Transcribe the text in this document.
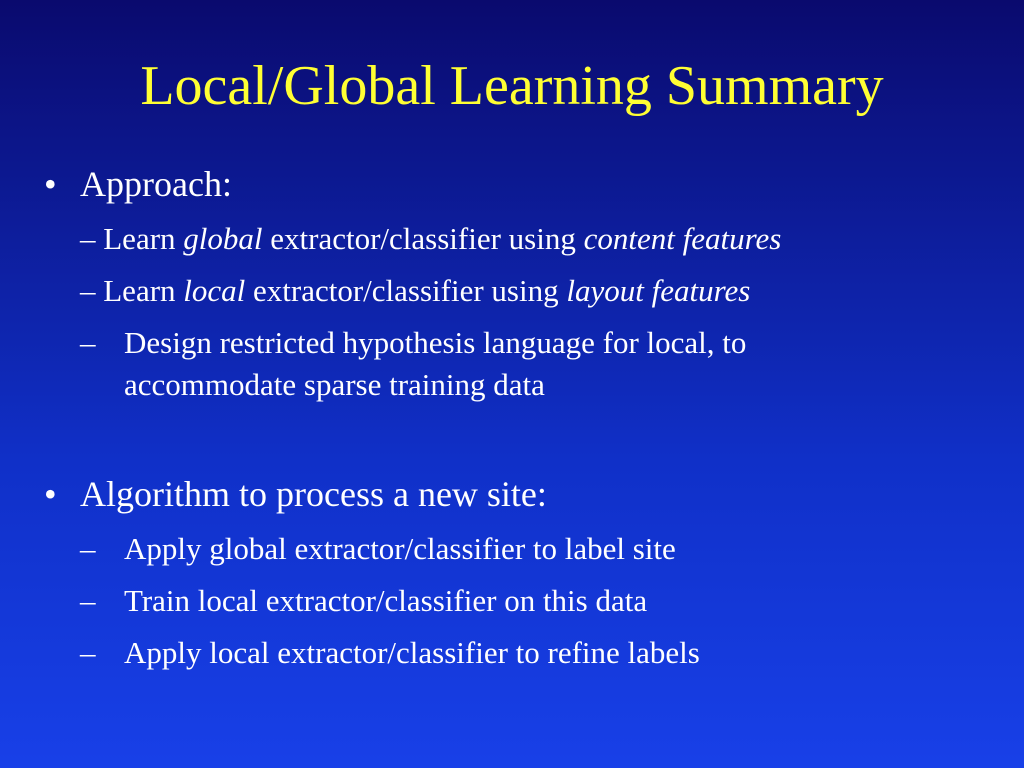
Local/Global Learning Summary
• Approach:
– Learn global extractor/classifier using content features
– Learn local extractor/classifier using layout features
– Design restricted hypothesis language for local, to accommodate sparse training data
• Algorithm to process a new site:
– Apply global extractor/classifier to label site
– Train local extractor/classifier on this data
– Apply local extractor/classifier to refine labels
